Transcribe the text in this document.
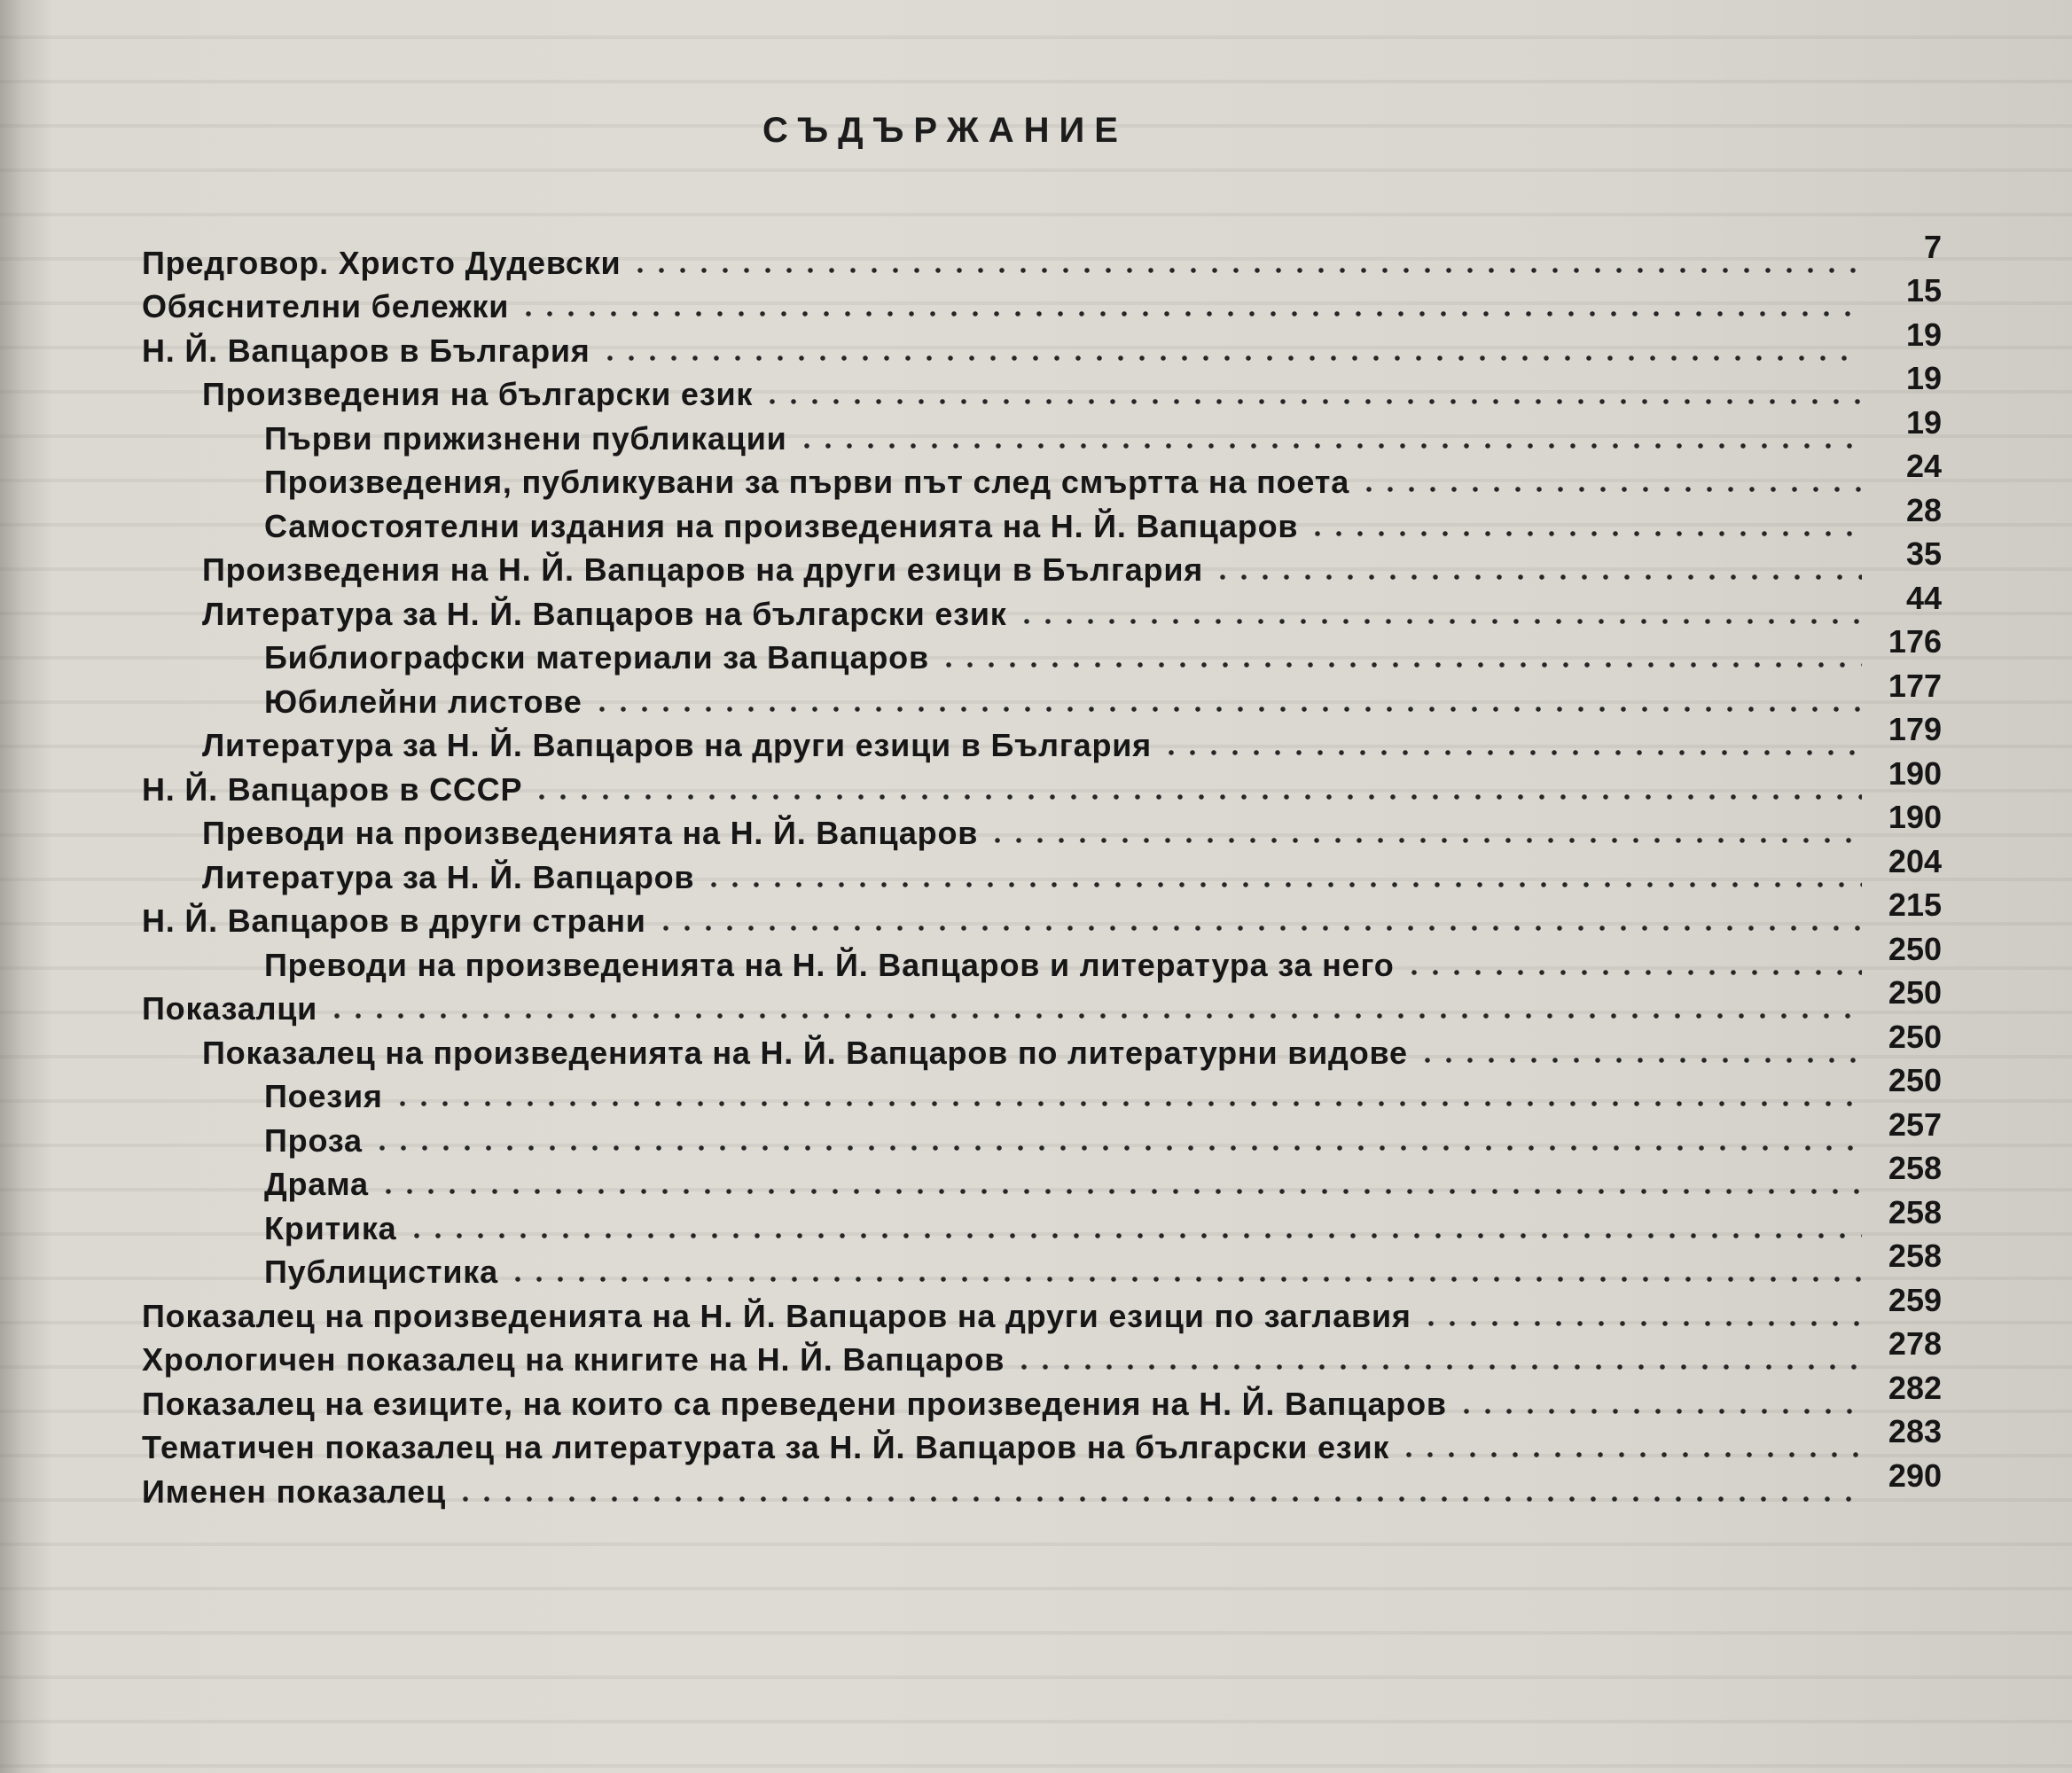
СЪДЪРЖАНИЕ
Предговор. Христо Дудевски	7
Обяснителни бележки	15
Н. Й. Вапцаров в България	19
Произведения на български език	19
Първи прижизнени публикации	19
Произведения, публикувани за първи път след смъртта на поета	24
Самостоятелни издания на произведенията на Н. Й. Вапцаров	28
Произведения на Н. Й. Вапцаров на други езици в България	35
Литература за Н. Й. Вапцаров на български език	44
Библиографски материали за Вапцаров	176
Юбилейни листове	177
Литература за Н. Й. Вапцаров на други езици в България	179
Н. Й. Вапцаров в СССР	190
Преводи на произведенията на Н. Й. Вапцаров	190
Литература за Н. Й. Вапцаров	204
Н. Й. Вапцаров в други страни	215
Преводи на произведенията на Н. Й. Вапцаров и литература за него	250
Показалци	250
Показалец на произведенията на Н. Й. Вапцаров по литературни видове	250
Поезия	250
Проза	257
Драма	258
Критика	258
Публицистика	258
Показалец на произведенията на Н. Й. Вапцаров на други езици по заглавия	259
Хрологичен показалец на книгите на Н. Й. Вапцаров	278
Показалец на езиците, на които са преведени произведения на Н. Й. Вапцаров	282
Тематичен показалец на литературата за Н. Й. Вапцаров на български език	283
Именен показалец	290
